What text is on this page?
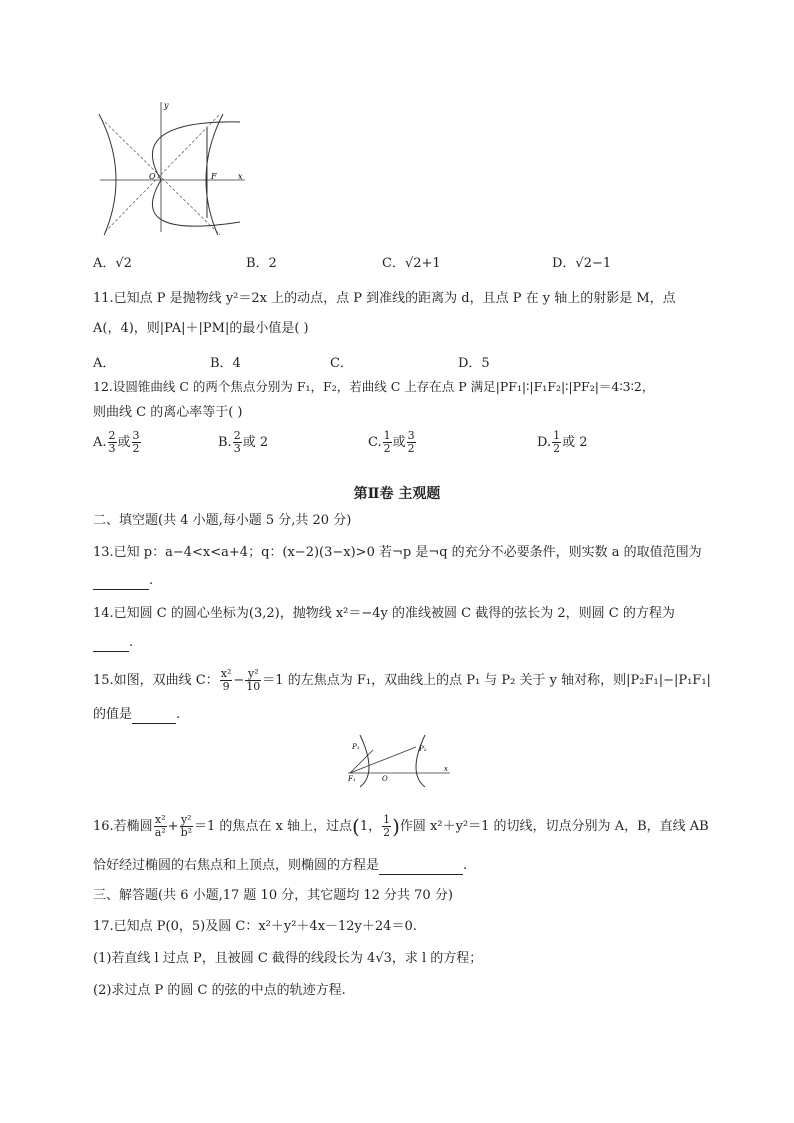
y
O	F	x
A．√2	B．2	C．√2+1	D．√2−1
11.已知点 P 是抛物线 y²＝2x 上的动点，点 P 到准线的距离为 d，且点 P 在 y 轴上的射影是 M，点
A(，4)，则|PA|＋|PM|的最小值是( )
A．	B．4	C．	D．5
12.设圆锥曲线 C 的两个焦点分别为 F₁，F₂，若曲线 C 上存在点 P 满足|PF₁|∶|F₁F₂|∶|PF₂|＝4∶3∶2，
则曲线 C 的离心率等于( )
A. $\frac{2}{3}$ 或 $\frac{3}{2}$	B. $\frac{2}{3}$ 或 2	C. $\frac{1}{2}$ 或 $\frac{3}{2}$	D. $\frac{1}{2}$ 或 2
第Ⅱ卷 主观题
二、填空题(共 4 小题,每小题 5 分,共 20 分)
13.已知 p：a−4<x<a+4；q：(x−2)(3−x)>0 若¬p 是¬q 的充分不必要条件，则实数 a 的取值范围为
.
14.已知圆 C 的圆心坐标为(3,2)，抛物线 x²＝−4y 的准线被圆 C 截得的弦长为 2，则圆 C 的方程为
.
15.如图，双曲线 C： $\frac{\text{x²}}{9} - \frac{\text{y²}}{10} =1$ 的左焦点为 F₁，双曲线上的点 P₁ 与 P₂ 关于 y 轴对称，则|P₂F₁|−|P₁F₁|
的值是	.
P₁	P₂
F₁	O
x
16.若椭圆 $\frac{\text{x²}}{\text{a²}} + \frac{\text{y²}}{\text{b²}} =1$ 的焦点在 x 轴上，过点(1， $\frac{1}{2}$ )作圆 x²＋y²＝1 的切线，切点分别为 A，B，直线 AB
恰好经过椭圆的右焦点和上顶点，则椭圆的方程是	.
三、解答题(共 6 小题,17 题 10 分，其它题均 12 分共 70 分)
17.已知点 P(0，5)及圆 C：x²＋y²＋4x－12y＋24＝0.
(1)若直线 l 过点 P，且被圆 C 截得的线段长为 4√3，求 l 的方程；
(2)求过点 P 的圆 C 的弦的中点的轨迹方程.
